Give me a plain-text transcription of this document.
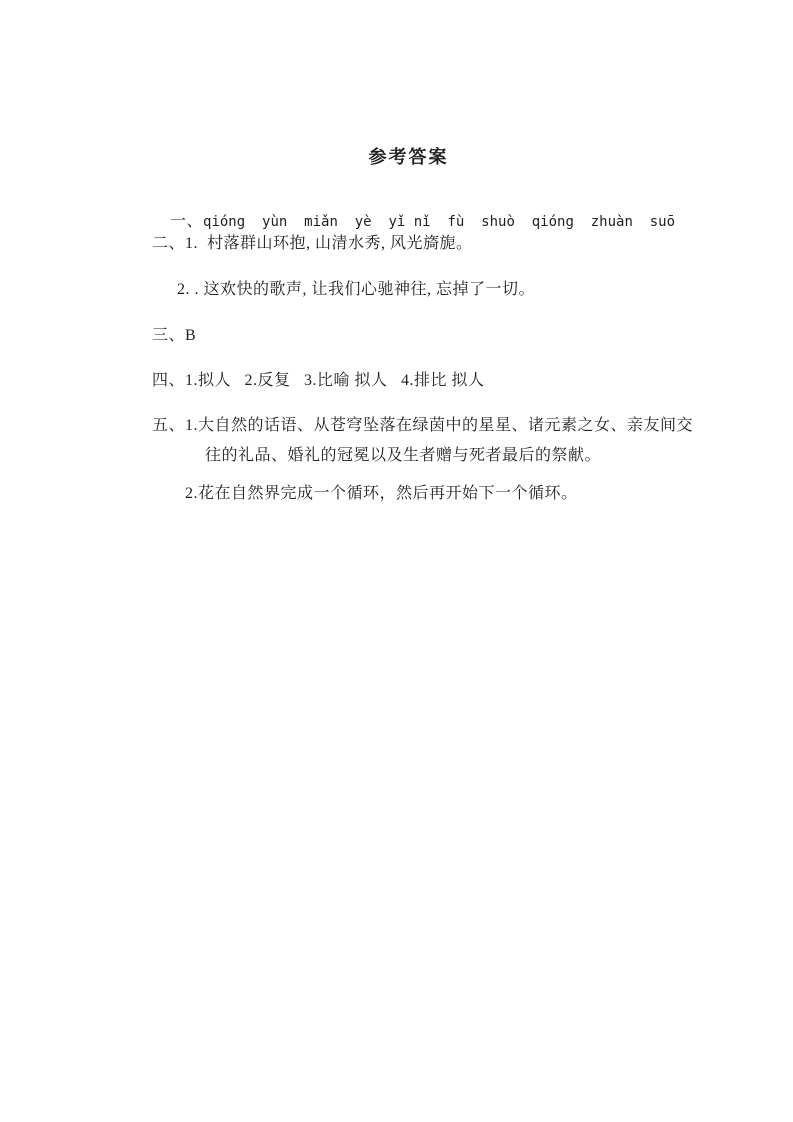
参考答案

一、qióng  yùn  miǎn  yè  yǐ nǐ  fù  shuò  qióng  zhuàn  suō

二、1.  村落群山环抱, 山清水秀, 风光旖旎。
2. . 这欢快的歌声, 让我们心驰神往, 忘掉了一切。
三、B
四、1.拟人   2.反复   3.比喻 拟人   4.排比 拟人
五、1.大自然的话语、从苍穹坠落在绿茵中的星星、诸元素之女、亲友间交
往的礼品、婚礼的冠冕以及生者赠与死者最后的祭献。
2.花在自然界完成一个循环，然后再开始下一个循环。
